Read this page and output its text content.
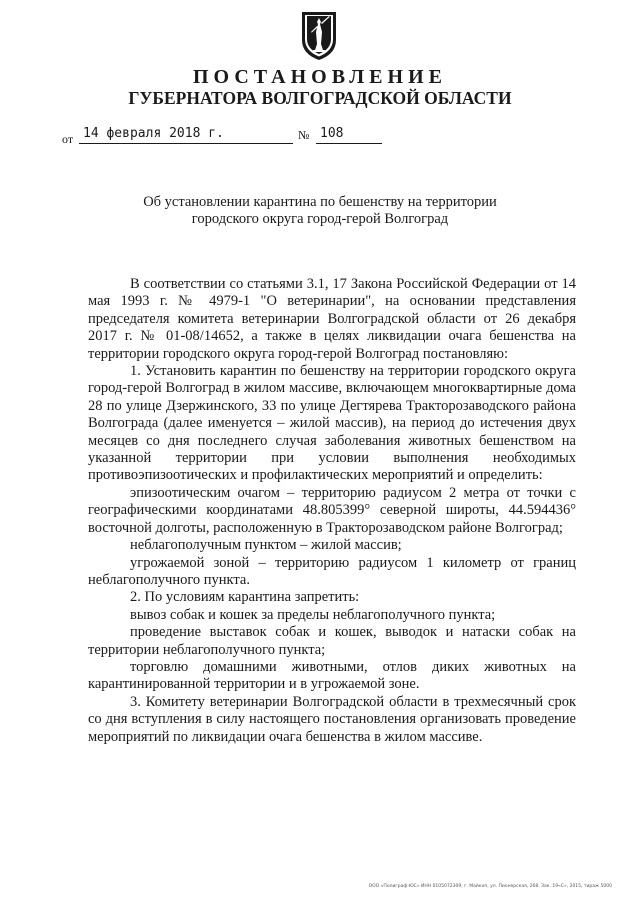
ПОСТАНОВЛЕНИЕ
ГУБЕРНАТОРА ВОЛГОГРАДСКОЙ ОБЛАСТИ
от 14 февраля 2018 г.	№ 108
Об установлении карантина по бешенству на территории
городского округа город-герой Волгоград

В соответствии со статьями 3.1, 17 Закона Российской Федерации от 14 мая 1993 г. № 4979-1 "О ветеринарии", на основании представления председателя комитета ветеринарии Волгоградской области от 26 декабря 2017 г. № 01-08/14652, а также в целях ликвидации очага бешенства на территории городского округа город-герой Волгоград постановляю:

1. Установить карантин по бешенству на территории городского округа город-герой Волгоград в жилом массиве, включающем многоквартирные дома 28 по улице Дзержинского, 33 по улице Дегтярева Тракторозаводского района Волгограда (далее именуется – жилой массив), на период до истечения двух месяцев со дня последнего случая заболевания животных бешенством на указанной территории при условии выполнения необходимых противоэпизоотических и профилактических мероприятий и определить:

эпизоотическим очагом – территорию радиусом 2 метра от точки с географическими координатами 48.805399° северной широты, 44.594436° восточной долготы, расположенную в Тракторозаводском районе Волгоград;

неблагополучным пунктом – жилой массив;

угрожаемой зоной – территорию радиусом 1 километр от границ неблагополучного пункта.

2. По условиям карантина запретить:

вывоз собак и кошек за пределы неблагополучного пункта;

проведение выставок собак и кошек, выводок и натаски собак на территории неблагополучного пункта;

торговлю домашними животными, отлов диких животных на карантинированной территории и в угрожаемой зоне.

3. Комитету ветеринарии Волгоградской области в трехмесячный срок со дня вступления в силу настоящего постановления организовать проведение мероприятий по ликвидации очага бешенства в жилом массиве.

ООО «Полиграф-ЮС» ИНН 0105072309, г. Майкоп, ул. Пионерская, 268. Зак. 19«С», 2015, тираж 5000
